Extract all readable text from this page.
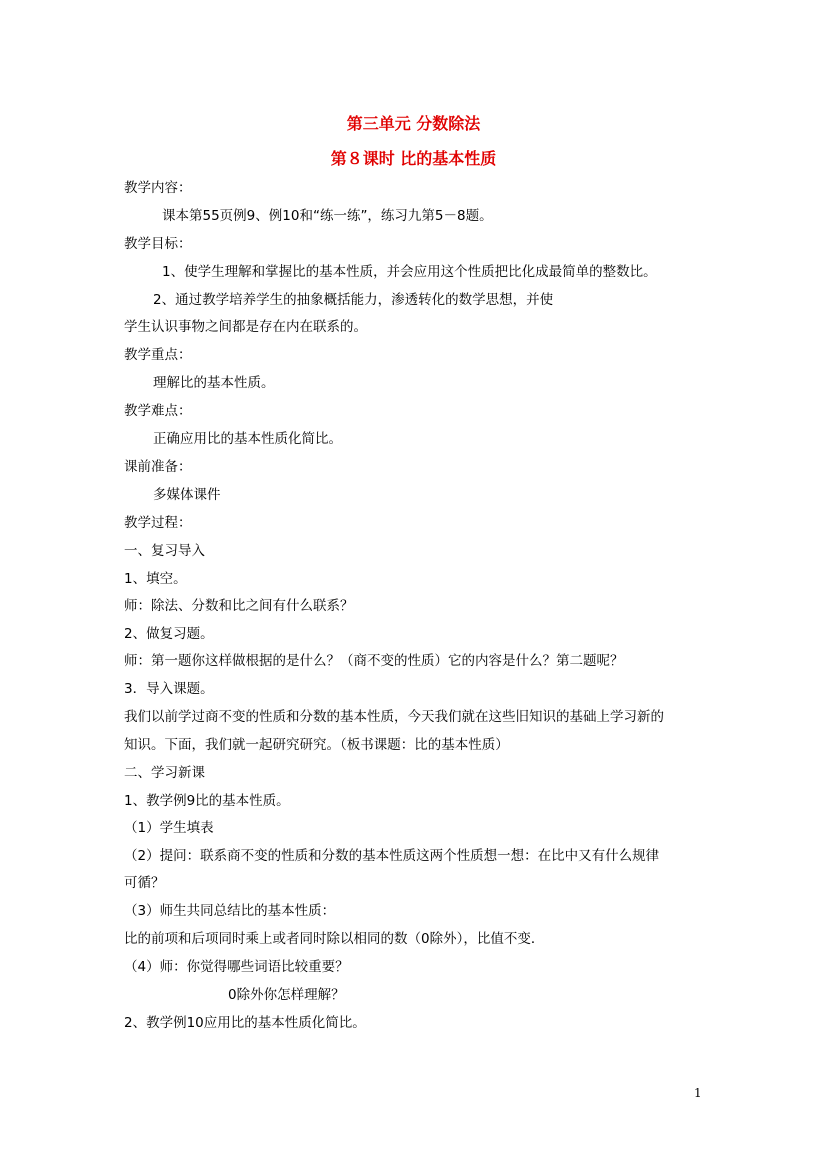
第三单元 分数除法
第８课时 比的基本性质

教学内容：

课本第55页例9、例10和“练一练”，练习九第5－8题。

教学目标：

1、使学生理解和掌握比的基本性质，并会应用这个性质把比化成最简单的整数比。

2、通过教学培养学生的抽象概括能力，渗透转化的数学思想，并使

学生认识事物之间都是存在内在联系的。

教学重点：

理解比的基本性质。

教学难点：

正确应用比的基本性质化简比。

课前准备：

多媒体课件

教学过程：

一、复习导入

1、填空。

师：除法、分数和比之间有什么联系？

2、做复习题。

师：第一题你这样做根据的是什么？（商不变的性质）它的内容是什么？第二题呢？

3．导入课题。

我们以前学过商不变的性质和分数的基本性质，今天我们就在这些旧知识的基础上学习新的

知识。下面，我们就一起研究研究。（板书课题：比的基本性质）

二、学习新课

1、教学例9比的基本性质。

（1）学生填表

（2）提问：联系商不变的性质和分数的基本性质这两个性质想一想：在比中又有什么规律

可循？

（3）师生共同总结比的基本性质：

比的前项和后项同时乘上或者同时除以相同的数（0除外），比值不变．

（4）师：你觉得哪些词语比较重要？

0除外你怎样理解？

2、教学例10应用比的基本性质化简比。

1
